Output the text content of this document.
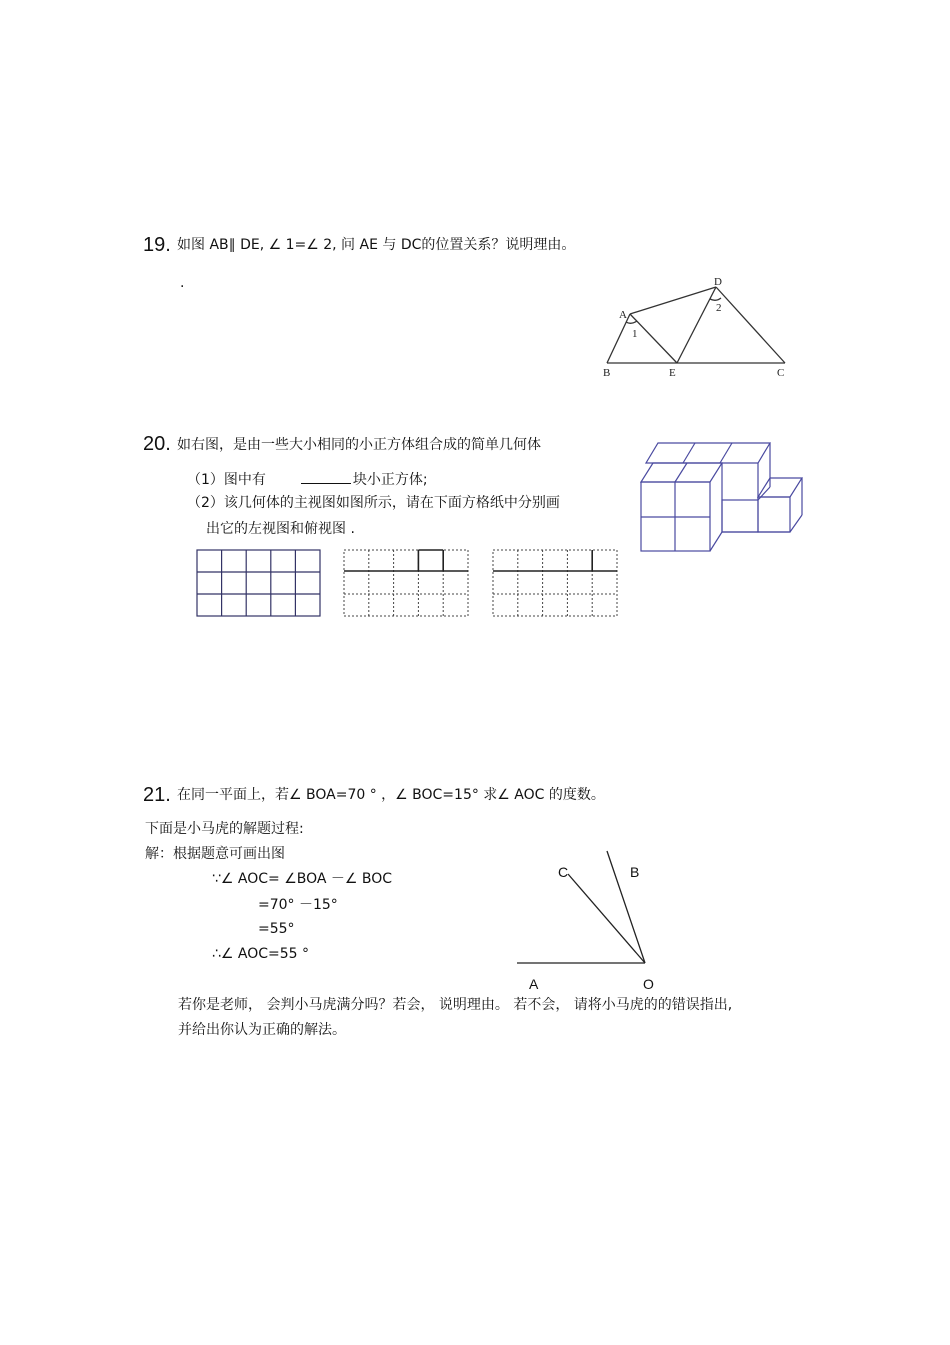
19. 如图 AB∥ DE, ∠ 1=∠ 2, 问 AE 与 DC的位置关系？说明理由。
.
A
B	E	C
D
1
2
20. 如右图，是由一些大小相同的小正方体组合成的简单几何体
（1）图中有	块小正方体;
（2）该几何体的主视图如图所示，请在下面方格纸中分别画
出它的左视图和俯视图 .
21. 在同一平面上，若∠ BOA=70 ° ，∠ BOC=15° 求∠ AOC 的度数。
下面是小马虎的解题过程:
解：根据题意可画出图
∵∠ AOC= ∠BOA －∠ BOC
=70° －15°
=55°
∴∠ AOC=55 °
C	B
A	O
若你是老师， 会判小马虎满分吗？若会， 说明理由。 若不会， 请将小马虎的的错误指出,
并给出你认为正确的解法。
